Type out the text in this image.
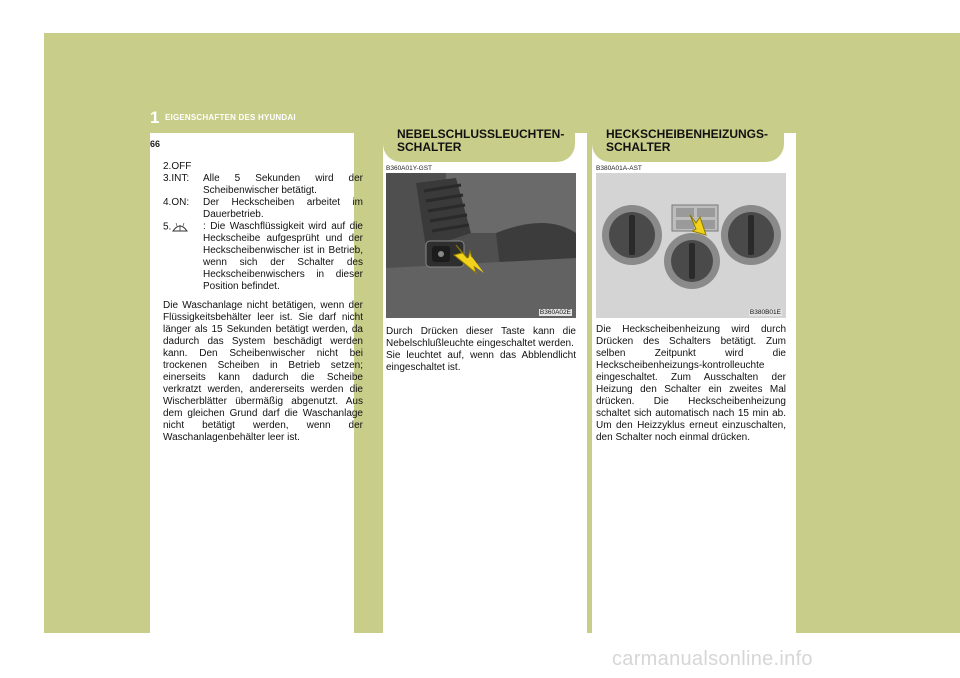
1 EIGENSCHAFTEN DES HYUNDAI
66
2.OFF
3.INT:	Alle 5 Sekunden wird der Scheibenwischer betätigt.
4.ON:	Der Heckscheiben arbeitet im Dauerbetrieb.
5.	: Die Waschflüssigkeit wird auf die Heckscheibe aufgesprüht und der Heckscheibenwischer ist in Betrieb, wenn sich der Schalter des Heckscheibenwischers in dieser Position befindet.
Die Waschanlage nicht betätigen, wenn der Flüssigkeitsbehälter leer ist. Sie darf nicht länger als 15 Sekunden betätigt werden, da dadurch das System beschädigt werden kann. Den Scheibenwischer nicht bei trockenen Scheiben in Betrieb setzen; einerseits kann dadurch die Scheibe verkratzt werden, andererseits werden die Wischerblätter übermäßig abgenutzt. Aus dem gleichen Grund darf die Waschanlage nicht betätigt werden, wenn der Waschanlagenbehälter leer ist.
NEBELSCHLUSSLEUCHTEN-
SCHALTER
B360A01Y-GST
B360A02E
Durch Drücken dieser Taste kann die Nebelschlußleuchte eingeschaltet werden.
Sie leuchtet auf, wenn das Abblendlicht eingeschaltet ist.
HECKSCHEIBENHEIZUNGS-
SCHALTER
B380A01A-AST
B380B01E
Die Heckscheibenheizung wird durch Drücken des Schalters betätigt. Zum selben Zeitpunkt wird die Heckscheibenheizungs-kontrolleuchte eingeschaltet. Zum Ausschalten der Heizung den Schalter ein zweites Mal drücken. Die Heckscheibenheizung schaltet sich automatisch nach 15 min ab. Um den Heizzyklus erneut einzuschalten, den Schalter noch einmal drücken.
carmanualsonline.info
